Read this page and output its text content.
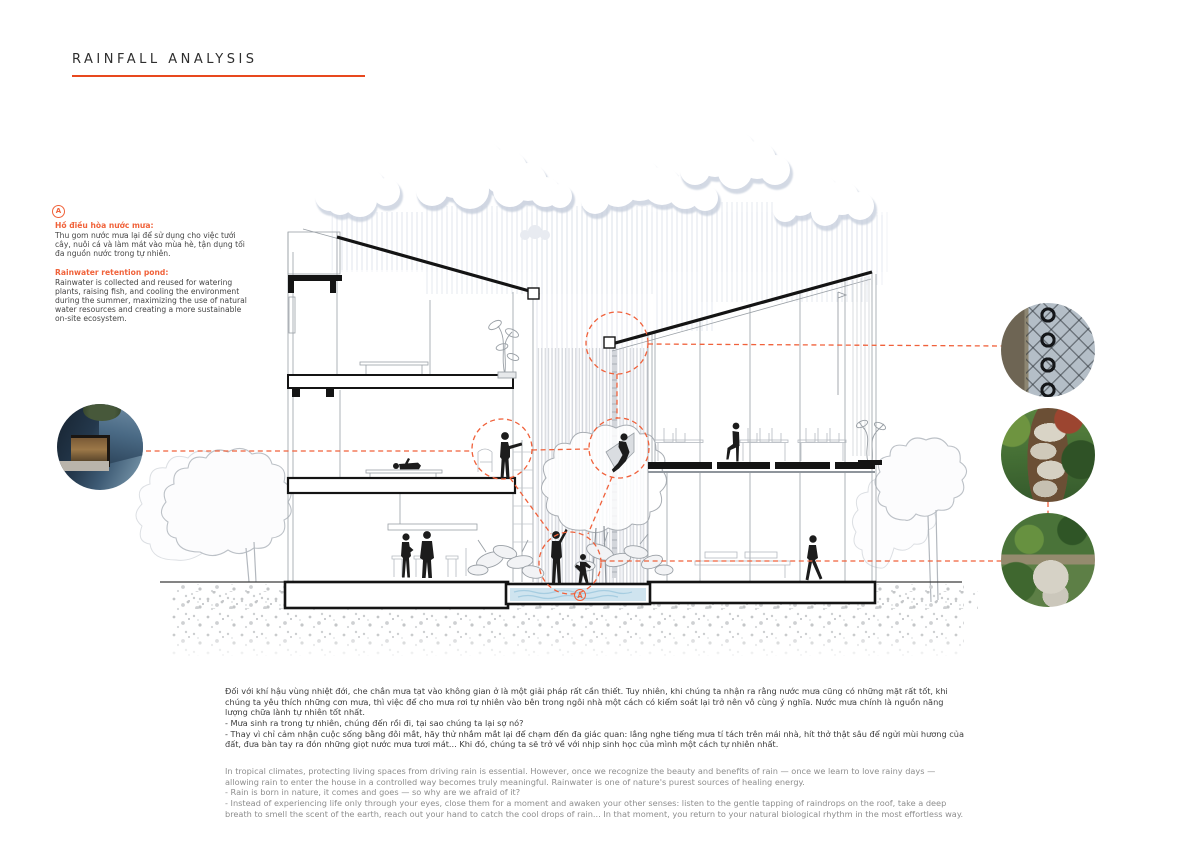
A
RAINFALL ANALYSIS
A

Hồ điều hòa nước mưa:

Thu gom nước mưa lại để sử dụng cho việc tưới cây, nuôi cá và làm mát vào mùa hè, tận dụng tối đa nguồn nước trong tự nhiên.

Rainwater retention pond:

Rainwater is collected and reused for watering plants, raising fish, and cooling the environment during the summer, maximizing the use of natural water resources and creating a more sustainable on-site ecosystem.

Đối với khí hậu vùng nhiệt đới, che chắn mưa tạt vào không gian ở là một giải pháp rất cần thiết. Tuy nhiên, khi chúng ta nhận ra rằng nước mưa cũng có những mặt rất tốt, khi chúng ta yêu thích những cơn mưa, thì việc để cho mưa rơi tự nhiên vào bên trong ngôi nhà một cách có kiểm soát lại trở nên vô cùng ý nghĩa. Nước mưa chính là nguồn năng lượng chữa lành tự nhiên tốt nhất.
- Mưa sinh ra trong tự nhiên, chúng đến rồi đi, tại sao chúng ta lại sợ nó?
- Thay vì chỉ cảm nhận cuộc sống bằng đôi mắt, hãy thử nhắm mắt lại để chạm đến đa giác quan: lắng nghe tiếng mưa tí tách trên mái nhà, hít thở thật sâu để ngửi mùi hương của đất, đưa bàn tay ra đón những giọt nước mưa tươi mát... Khi đó, chúng ta sẽ trở về với nhịp sinh học của mình một cách tự nhiên nhất.
In tropical climates, protecting living spaces from driving rain is essential. However, once we recognize the beauty and benefits of rain — once we learn to love rainy days — allowing rain to enter the house in a controlled way becomes truly meaningful. Rainwater is one of nature's purest sources of healing energy.
- Rain is born in nature, it comes and goes — so why are we afraid of it?
- Instead of experiencing life only through your eyes, close them for a moment and awaken your other senses: listen to the gentle tapping of raindrops on the roof, take a deep breath to smell the scent of the earth, reach out your hand to catch the cool drops of rain... In that moment, you return to your natural biological rhythm in the most effortless way.
